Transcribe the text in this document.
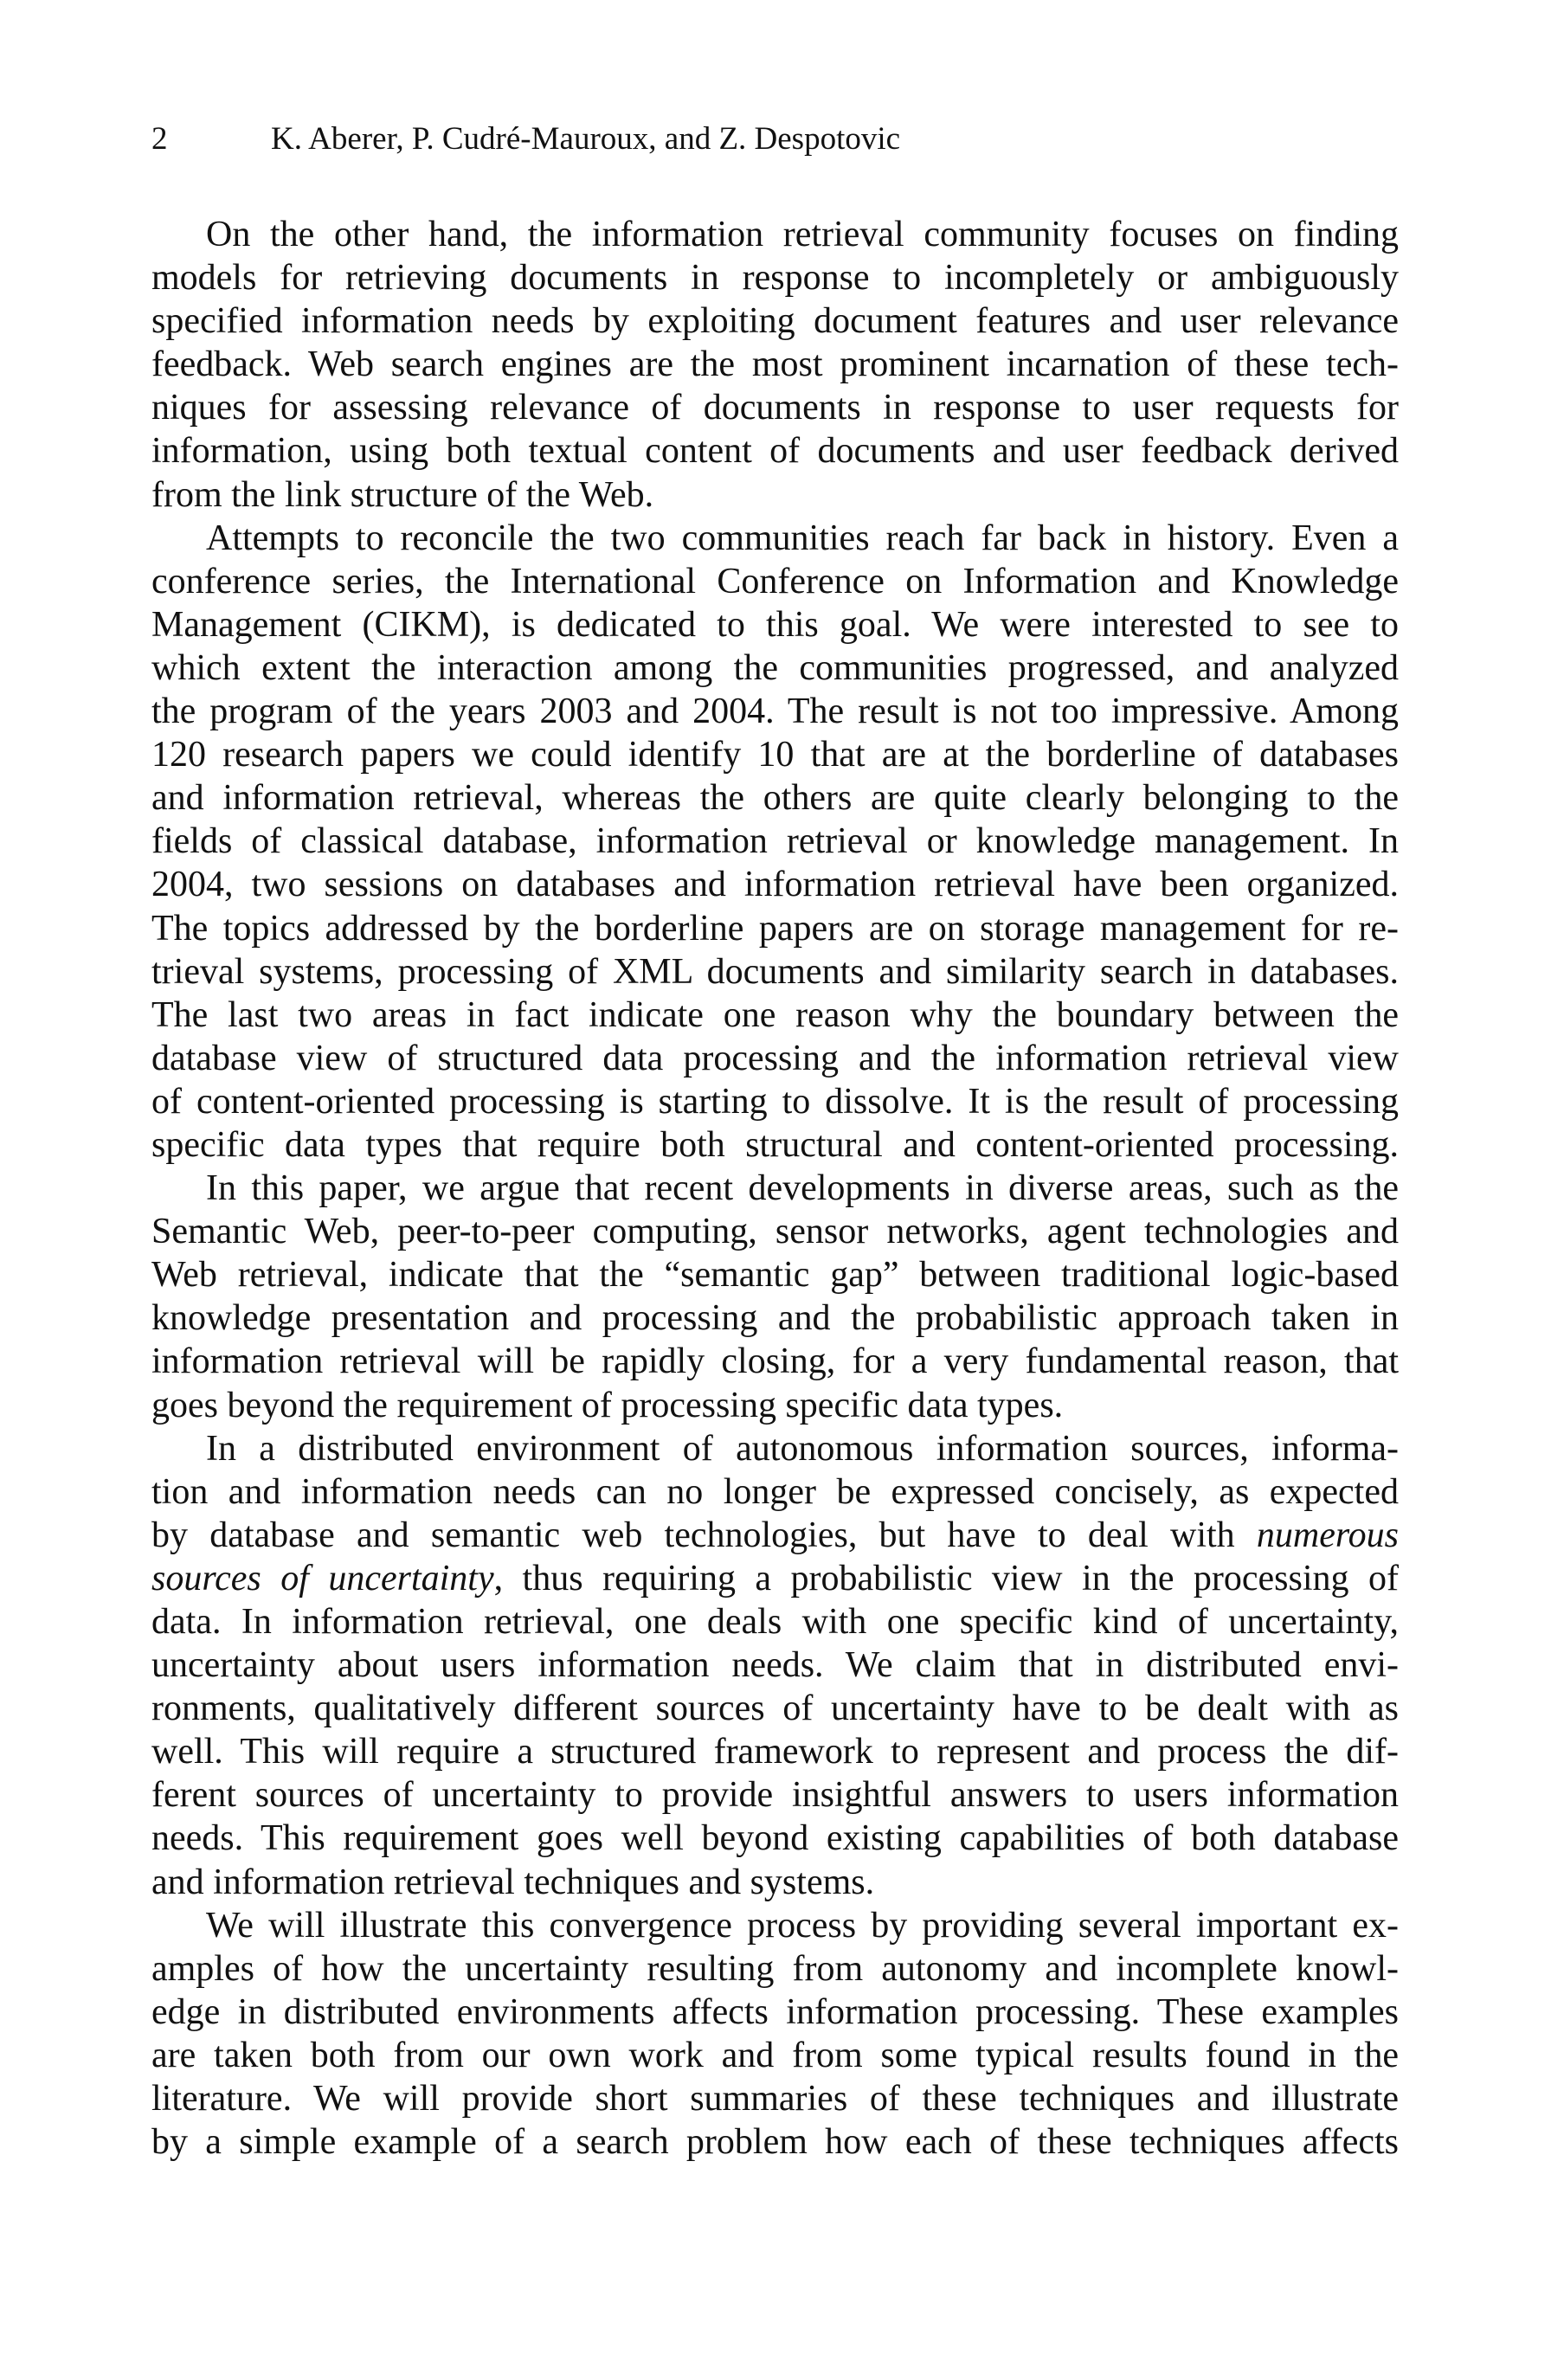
2	K. Aberer, P. Cudré-Mauroux, and Z. Despotovic
On the other hand, the information retrieval community focuses on finding
models for retrieving documents in response to incompletely or ambiguously
specified information needs by exploiting document features and user relevance
feedback. Web search engines are the most prominent incarnation of these tech-
niques for assessing relevance of documents in response to user requests for
information, using both textual content of documents and user feedback derived
from the link structure of the Web.
Attempts to reconcile the two communities reach far back in history. Even a
conference series, the International Conference on Information and Knowledge
Management (CIKM), is dedicated to this goal. We were interested to see to
which extent the interaction among the communities progressed, and analyzed
the program of the years 2003 and 2004. The result is not too impressive. Among
120 research papers we could identify 10 that are at the borderline of databases
and information retrieval, whereas the others are quite clearly belonging to the
fields of classical database, information retrieval or knowledge management. In
2004, two sessions on databases and information retrieval have been organized.
The topics addressed by the borderline papers are on storage management for re-
trieval systems, processing of XML documents and similarity search in databases.
The last two areas in fact indicate one reason why the boundary between the
database view of structured data processing and the information retrieval view
of content-oriented processing is starting to dissolve. It is the result of processing
specific data types that require both structural and content-oriented processing.
In this paper, we argue that recent developments in diverse areas, such as the
Semantic Web, peer-to-peer computing, sensor networks, agent technologies and
Web retrieval, indicate that the “semantic gap” between traditional logic-based
knowledge presentation and processing and the probabilistic approach taken in
information retrieval will be rapidly closing, for a very fundamental reason, that
goes beyond the requirement of processing specific data types.
In a distributed environment of autonomous information sources, informa-
tion and information needs can no longer be expressed concisely, as expected
by database and semantic web technologies, but have to deal with numerous
sources of uncertainty, thus requiring a probabilistic view in the processing of
data. In information retrieval, one deals with one specific kind of uncertainty,
uncertainty about users information needs. We claim that in distributed envi-
ronments, qualitatively different sources of uncertainty have to be dealt with as
well. This will require a structured framework to represent and process the dif-
ferent sources of uncertainty to provide insightful answers to users information
needs. This requirement goes well beyond existing capabilities of both database
and information retrieval techniques and systems.
We will illustrate this convergence process by providing several important ex-
amples of how the uncertainty resulting from autonomy and incomplete knowl-
edge in distributed environments affects information processing. These examples
are taken both from our own work and from some typical results found in the
literature. We will provide short summaries of these techniques and illustrate
by a simple example of a search problem how each of these techniques affects
